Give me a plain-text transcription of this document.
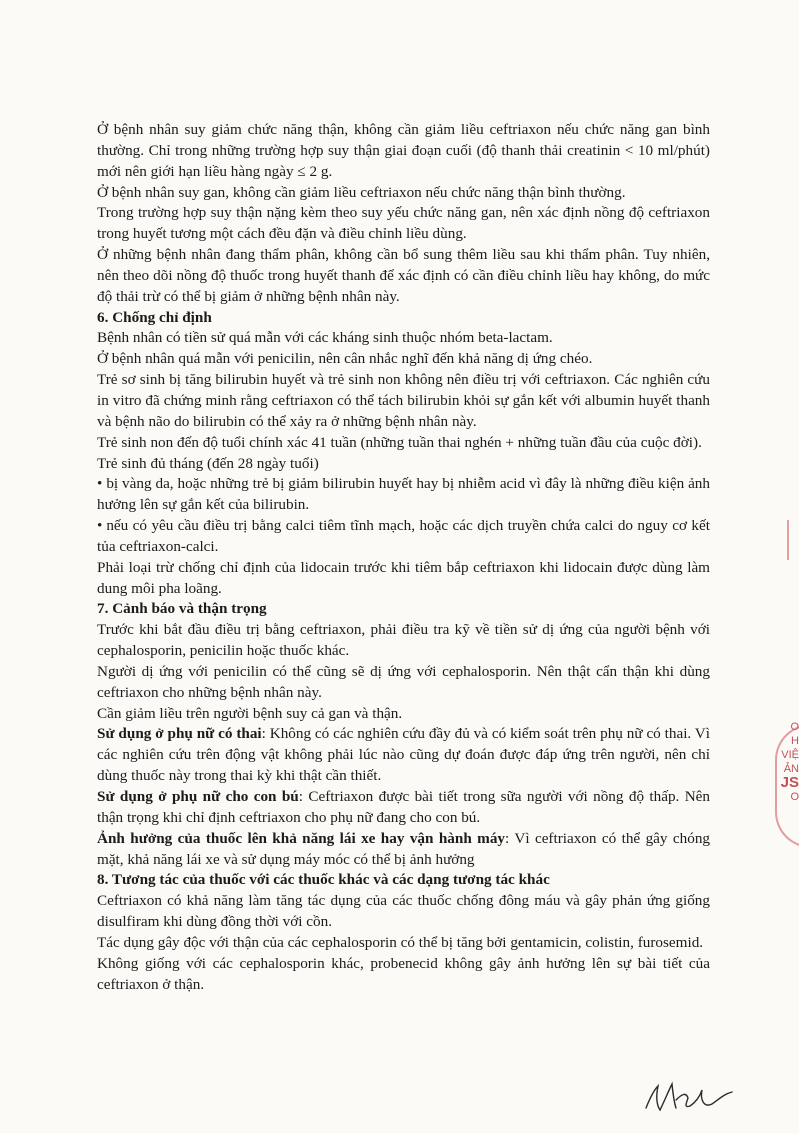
Ở bệnh nhân suy giảm chức năng thận, không cần giảm liều ceftriaxon nếu chức năng gan bình thường. Chỉ trong những trường hợp suy thận giai đoạn cuối (độ thanh thải creatinin < 10 ml/phút) mới nên giới hạn liều hàng ngày ≤ 2 g.

Ở bệnh nhân suy gan, không cần giảm liều ceftriaxon nếu chức năng thận bình thường.

Trong trường hợp suy thận nặng kèm theo suy yếu chức năng gan, nên xác định nồng độ ceftriaxon trong huyết tương một cách đều đặn và điều chỉnh liều dùng.

Ở những bệnh nhân đang thẩm phân, không cần bổ sung thêm liều sau khi thẩm phân. Tuy nhiên, nên theo dõi nồng độ thuốc trong huyết thanh để xác định có cần điều chỉnh liều hay không, do mức độ thải trừ có thể bị giảm ở những bệnh nhân này.

6. Chống chỉ định

Bệnh nhân có tiền sử quá mẫn với các kháng sinh thuộc nhóm beta-lactam.

Ở bệnh nhân quá mẫn với penicilin, nên cân nhắc nghĩ đến khả năng dị ứng chéo.

Trẻ sơ sinh bị tăng bilirubin huyết và trẻ sinh non không nên điều trị với ceftriaxon. Các nghiên cứu in vitro đã chứng minh rằng ceftriaxon có thể tách bilirubin khỏi sự gắn kết với albumin huyết thanh và bệnh não do bilirubin có thể xảy ra ở những bệnh nhân này.

Trẻ sinh non đến độ tuổi chính xác 41 tuần (những tuần thai nghén + những tuần đầu của cuộc đời).

Trẻ sinh đủ tháng (đến 28 ngày tuổi)

• bị vàng da, hoặc những trẻ bị giảm bilirubin huyết hay bị nhiễm acid vì đây là những điều kiện ảnh hưởng lên sự gắn kết của bilirubin.

• nếu có yêu cầu điều trị bằng calci tiêm tĩnh mạch, hoặc các dịch truyền chứa calci do nguy cơ kết tủa ceftriaxon-calci.

Phải loại trừ chống chỉ định của lidocain trước khi tiêm bắp ceftriaxon khi lidocain được dùng làm dung môi pha loãng.

7. Cảnh báo và thận trọng

Trước khi bắt đầu điều trị bằng ceftriaxon, phải điều tra kỹ về tiền sử dị ứng của người bệnh với cephalosporin, penicilin hoặc thuốc khác.

Người dị ứng với penicilin có thể cũng sẽ dị ứng với cephalosporin. Nên thật cẩn thận khi dùng ceftriaxon cho những bệnh nhân này.

Cần giảm liều trên người bệnh suy cả gan và thận.

Sử dụng ở phụ nữ có thai: Không có các nghiên cứu đầy đủ và có kiểm soát trên phụ nữ có thai. Vì các nghiên cứu trên động vật không phải lúc nào cũng dự đoán được đáp ứng trên người, nên chỉ dùng thuốc này trong thai kỳ khi thật cần thiết.

Sử dụng ở phụ nữ cho con bú: Ceftriaxon được bài tiết trong sữa người với nồng độ thấp. Nên thận trọng khi chỉ định ceftriaxon cho phụ nữ đang cho con bú.

Ảnh hưởng của thuốc lên khả năng lái xe hay vận hành máy: Vì ceftriaxon có thể gây chóng mặt, khả năng lái xe và sử dụng máy móc có thể bị ảnh hưởng

8. Tương tác của thuốc với các thuốc khác và các dạng tương tác khác

Ceftriaxon có khả năng làm tăng tác dụng của các thuốc chống đông máu và gây phản ứng giống disulfiram khi dùng đồng thời với cồn.

Tác dụng gây độc với thận của các cephalosporin có thể bị tăng bởi gentamicin, colistin, furosemid.

Không giống với các cephalosporin khác, probenecid không gây ảnh hưởng lên sự bài tiết của ceftriaxon ở thận.

O
H
VIỆ
ẢN
JS
O
